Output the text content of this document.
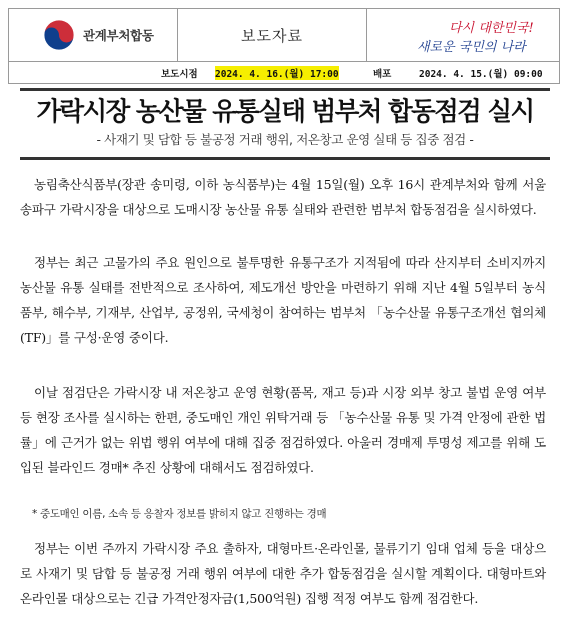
관계부처합동	보도자료	다시 대한민국!
새로운 국민의 나라
보도시점 2024. 4. 16.(월) 17:00	배포	2024. 4. 15.(월) 09:00
가락시장 농산물 유통실태 범부처 합동점검 실시
- 사재기 및 담합 등 불공정 거래 행위, 저온창고 운영 실태 등 집중 점검 -
농림축산식품부(장관 송미령, 이하 농식품부)는 4월 15일(월) 오후 16시 관계부처와 함께 서울 송파구 가락시장을 대상으로 도매시장 농산물 유통 실태와 관련한 범부처 합동점검을 실시하였다.
정부는 최근 고물가의 주요 원인으로 불투명한 유통구조가 지적됨에 따라 산지부터 소비지까지 농산물 유통 실태를 전반적으로 조사하여, 제도개선 방안을 마련하기 위해 지난 4월 5일부터 농식품부, 해수부, 기재부, 산업부, 공정위, 국세청이 참여하는 범부처 「농수산물 유통구조개선 협의체(TF)」를 구성·운영 중이다.
이날 점검단은 가락시장 내 저온창고 운영 현황(품목, 재고 등)과 시장 외부 창고 불법 운영 여부 등 현장 조사를 실시하는 한편, 중도매인 개인 위탁거래 등 「농수산물 유통 및 가격 안정에 관한 법률」에 근거가 없는 위법 행위 여부에 대해 집중 점검하였다. 아울러 경매제 투명성 제고를 위해 도입된 블라인드 경매* 추진 상황에 대해서도 점검하였다.
* 중도매인 이름, 소속 등 응찰자 정보를 밝히지 않고 진행하는 경매
정부는 이번 주까지 가락시장 주요 출하자, 대형마트·온라인몰, 물류기기 임대 업체 등을 대상으로 사재기 및 담합 등 불공정 거래 행위 여부에 대한 추가 합동점검을 실시할 계획이다. 대형마트와 온라인몰 대상으로는 긴급 가격안정자금(1,500억원) 집행 적정 여부도 함께 점검한다.
